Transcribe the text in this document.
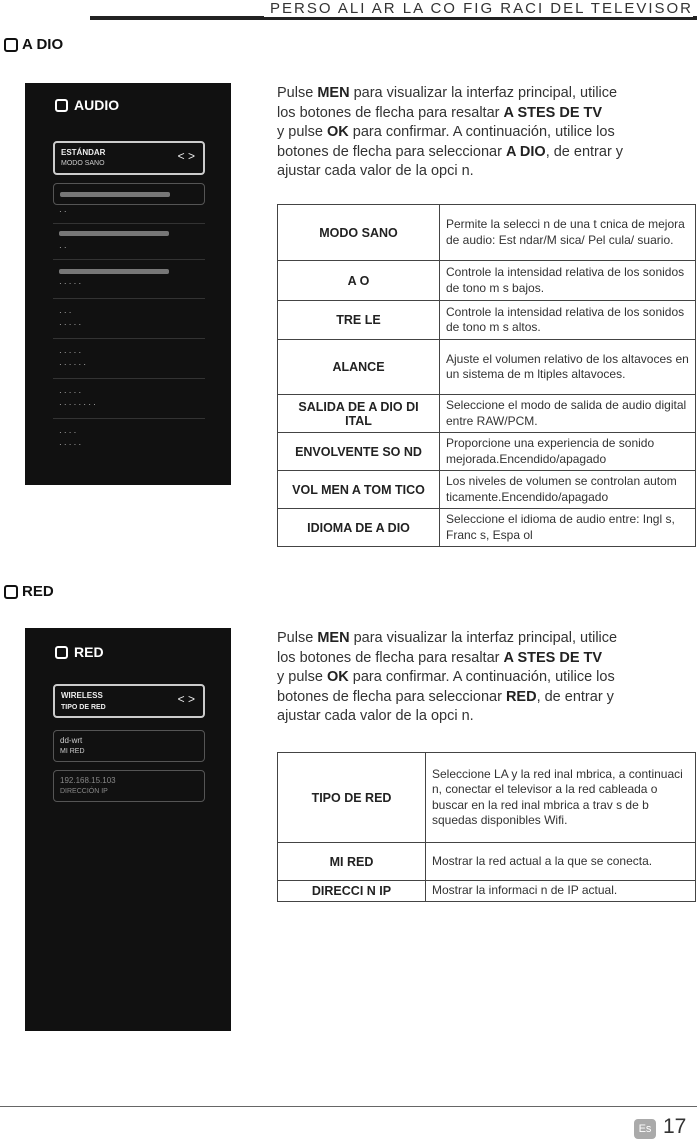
PERSO ALI AR LA CO FIG RACI DEL TELEVISOR
A DIO
AUDIO
ESTÁNDAR
MODO SANO
< >
· ·
· ·
· · · · ·
· · ·
· · · · ·
· · · · ·
· · · · · ·
· · · · ·
· · · · · · · ·
· · · ·
· · · · ·
Pulse MEN para visualizar la interfaz principal, utilice
los botones de flecha para resaltar A STES DE TV
y pulse OK para confirmar. A continuación, utilice los
botones de flecha para seleccionar A DIO, de entrar y
ajustar cada valor de la opci n.
MODO SANO	Permite la selecci n de una t cnica de mejora de audio: Est ndar/M sica/ Pel cula/ suario.
A O	Controle la intensidad relativa de los sonidos de tono m s bajos.
TRE LE	Controle la intensidad relativa de los sonidos de tono m s altos.
ALANCE	Ajuste el volumen relativo de los altavoces en un sistema de m ltiples altavoces.
SALIDA DE A DIO DI ITAL	Seleccione el modo de salida de audio digital entre RAW/PCM.
ENVOLVENTE SO ND	Proporcione una experiencia de sonido mejorada.Encendido/apagado
VOL MEN A TOM TICO	Los niveles de volumen se controlan autom ticamente.Encendido/apagado
IDIOMA DE A DIO	Seleccione el idioma de audio entre: Ingl s, Franc s, Espa ol
RED
RED
WIRELESS
TIPO DE RED
< >
dd-wrt
MI RED
192.168.15.103
DIRECCIÓN IP
Pulse MEN para visualizar la interfaz principal, utilice
los botones de flecha para resaltar A STES DE TV
y pulse OK para confirmar. A continuación, utilice los
botones de flecha para seleccionar RED, de entrar y
ajustar cada valor de la opci n.
TIPO DE RED	Seleccione LA y la red inal mbrica, a continuaci n, conectar el televisor a la red cableada o buscar en la red inal mbrica a trav s de b squedas disponibles Wifi.
MI RED	Mostrar la red actual a la que se conecta.
DIRECCI N IP	Mostrar la informaci n de IP actual.
Es 17
